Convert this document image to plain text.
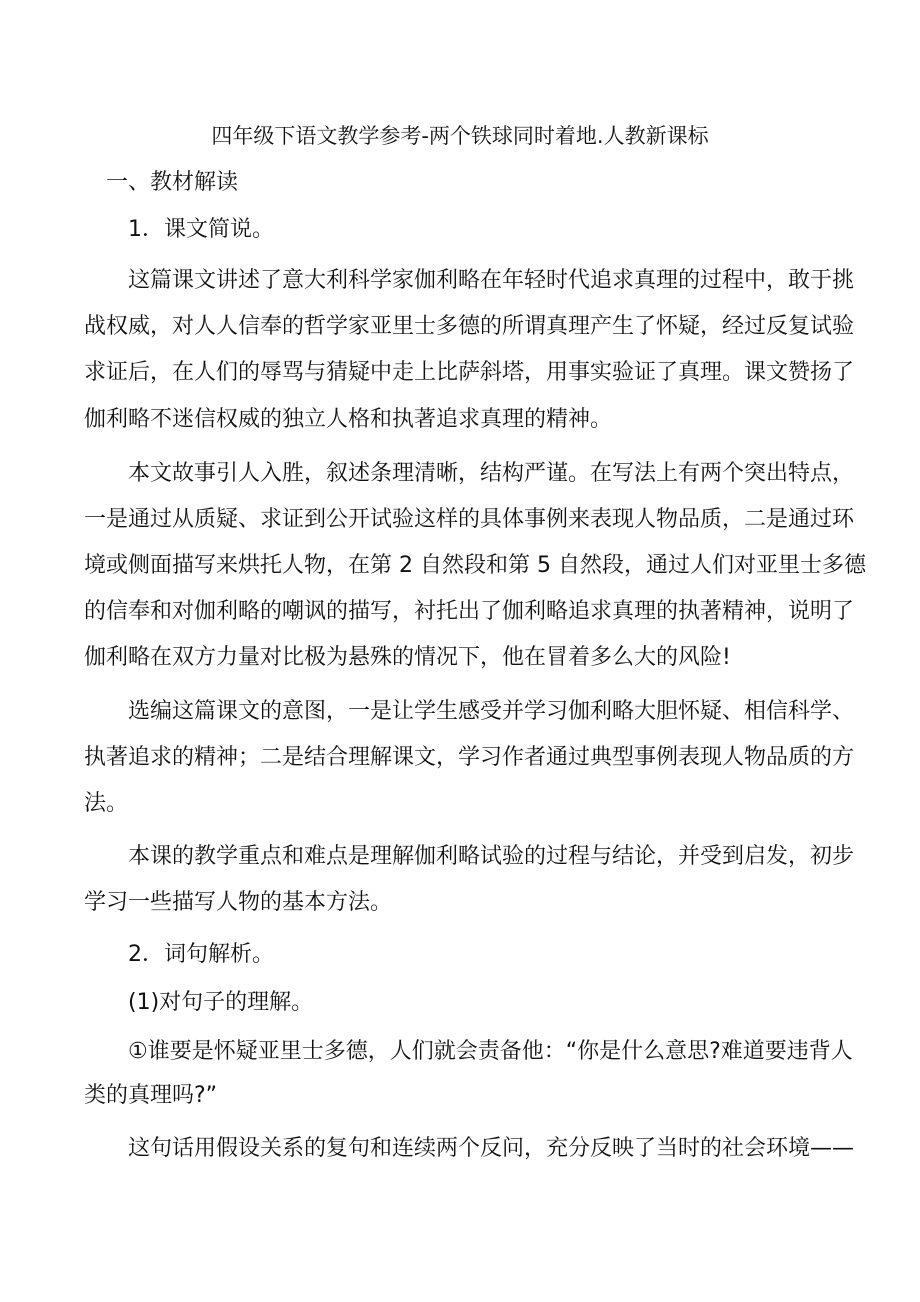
四年级下语文教学参考-两个铁球同时着地.人教新课标
一、教材解读
1．课文简说。
这篇课文讲述了意大利科学家伽利略在年轻时代追求真理的过程中，敢于挑
战权威，对人人信奉的哲学家亚里士多德的所谓真理产生了怀疑，经过反复试验
求证后，在人们的辱骂与猜疑中走上比萨斜塔，用事实验证了真理。课文赞扬了
伽利略不迷信权威的独立人格和执著追求真理的精神。
本文故事引人入胜，叙述条理清晰，结构严谨。在写法上有两个突出特点，
一是通过从质疑、求证到公开试验这样的具体事例来表现人物品质，二是通过环
境或侧面描写来烘托人物，在第 2 自然段和第 5 自然段，通过人们对亚里士多德
的信奉和对伽利略的嘲讽的描写，衬托出了伽利略追求真理的执著精神，说明了
伽利略在双方力量对比极为悬殊的情况下，他在冒着多么大的风险!
选编这篇课文的意图，一是让学生感受并学习伽利略大胆怀疑、相信科学、
执著追求的精神；二是结合理解课文，学习作者通过典型事例表现人物品质的方
法。
本课的教学重点和难点是理解伽利略试验的过程与结论，并受到启发，初步
学习一些描写人物的基本方法。
2．词句解析。
(1)对句子的理解。
①谁要是怀疑亚里士多德，人们就会责备他：“你是什么意思?难道要违背人
类的真理吗?”
这句话用假设关系的复句和连续两个反问，充分反映了当时的社会环境——
